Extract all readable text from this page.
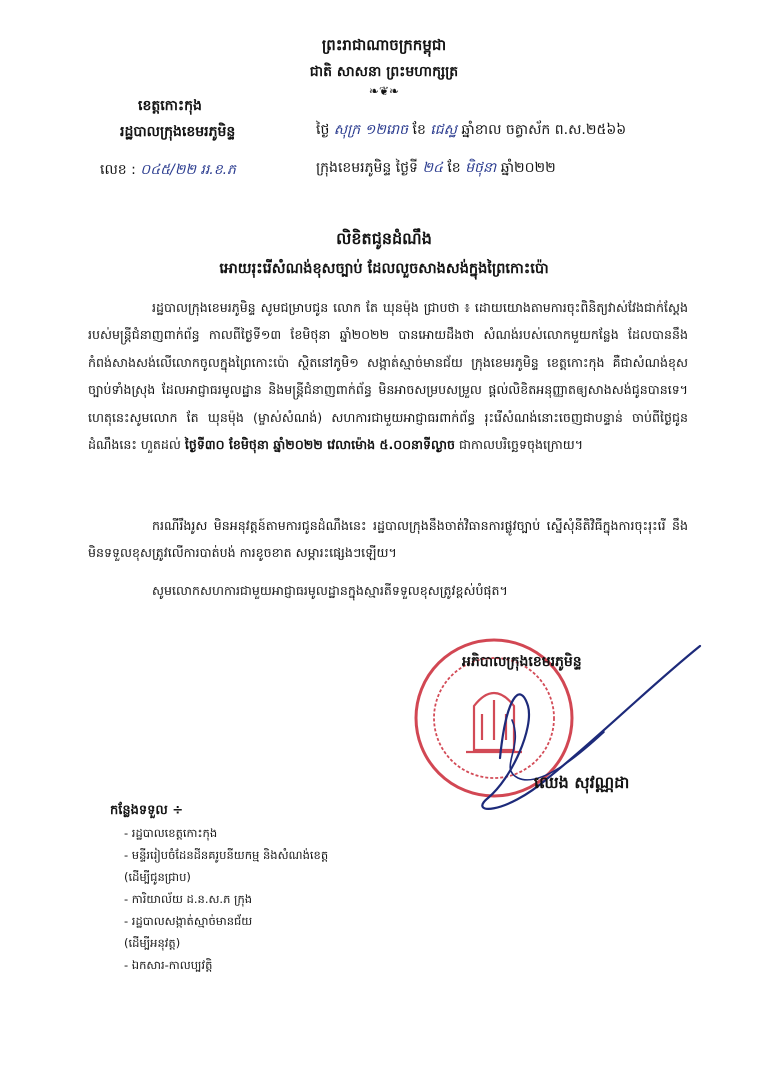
ព្រះរាជាណាចក្រកម្ពុជា
ជាតិ សាសនា ព្រះមហាក្សត្រ
❧❦❧
ខេត្តកោះកុង
រដ្ឋបាលក្រុងខេមរភូមិន្ទ
លេខ : ០៤៥/២២ ររ.ខ.ភ
ថ្ងៃ សុក្រ ១២រោច ខែ ជេស្ឋ ឆ្នាំខាល ចត្វាស័ក ព.ស.២៥៦៦
ក្រុងខេមរភូមិន្ទ ថ្ងៃទី ២៤ ខែ មិថុនា ឆ្នាំ២០២២
លិខិតជូនដំណឹង
អោយរុះរើសំណង់ខុសច្បាប់ ដែលលួចសាងសង់ក្នុងព្រៃកោះប៉ោ

រដ្ឋបាលក្រុងខេមរភូមិន្ទ សូមជម្រាបជូន លោក តែ ឃុនម៉ុង ជ្រាបថា ៖ ដោយយោងតាមការចុះពិនិត្យវាស់វែងជាក់ស្តែងរបស់មន្ត្រីជំនាញពាក់ព័ន្ធ កាលពីថ្ងៃទី១៣ ខែមិថុនា ឆ្នាំ២០២២ បានអោយដឹងថា សំណង់របស់លោកមួយកន្លែង ដែលបាននឹងកំពង់សាងសង់លើលោកចូលក្នុងព្រៃកោះប៉ោ ស្ថិតនៅភូមិ១ សង្កាត់ស្មាច់មានជ័យ ក្រុងខេមរភូមិន្ទ ខេត្តកោះកុង គឺជាសំណង់ខុសច្បាប់ទាំងស្រុង ដែលអាជ្ញាធរមូលដ្ឋាន និងមន្ត្រីជំនាញពាក់ព័ន្ធ មិនអាចសម្របសម្រួល ផ្តល់លិខិតអនុញ្ញាតឲ្យសាងសង់ជូនបានទេ។ ហេតុនេះសូមលោក តែ ឃុនម៉ុង (ម្ចាស់សំណង់) សហការជាមួយអាជ្ញាធរពាក់ព័ន្ធ រុះរើសំណង់នោះចេញជាបន្ទាន់ ចាប់ពីថ្ងៃជូនដំណឹងនេះ ហួតដល់ ថ្ងៃទី៣០ ខែមិថុនា ឆ្នាំ២០២២ វេលាម៉ោង ៥.០០នាទីល្ងាច ជាកាលបរិច្ឆេទចុងក្រោយ។

ករណីរឹងរូស មិនអនុវត្តន៍តាមការជូនដំណឹងនេះ រដ្ឋបាលក្រុងនឹងចាត់វិធានការផ្លូវច្បាប់ ស្នើសុំនីតិវិធីក្នុងការចុះរុះរើ នឹងមិនទទួលខុសត្រូវលើការបាត់បង់ ការខូចខាត សម្ភារះផ្សេងៗឡើយ។

សូមលោកសហការជាមួយអាជ្ញាធរមូលដ្ឋានក្នុងស្មារតីទទួលខុសត្រូវខ្ពស់បំផុត។

អភិបាលក្រុងខេមរភូមិន្ទ
ឈេង សុវណ្ណដា
កន្លែងទទួល ÷
- រដ្ឋបាលខេត្តកោះកុង
- មន្ទីររៀបចំដែនដីនគរូបនីយកម្ម និងសំណង់ខេត្ត
(ដើម្បីជូនជ្រាប)
- ការិយាល័យ ដ.ន.ស.ភ ក្រុង
- រដ្ឋបាលសង្កាត់ស្មាច់មានជ័យ
(ដើម្បីអនុវត្ត)
- ឯកសារ-កាលប្បវត្តិ
